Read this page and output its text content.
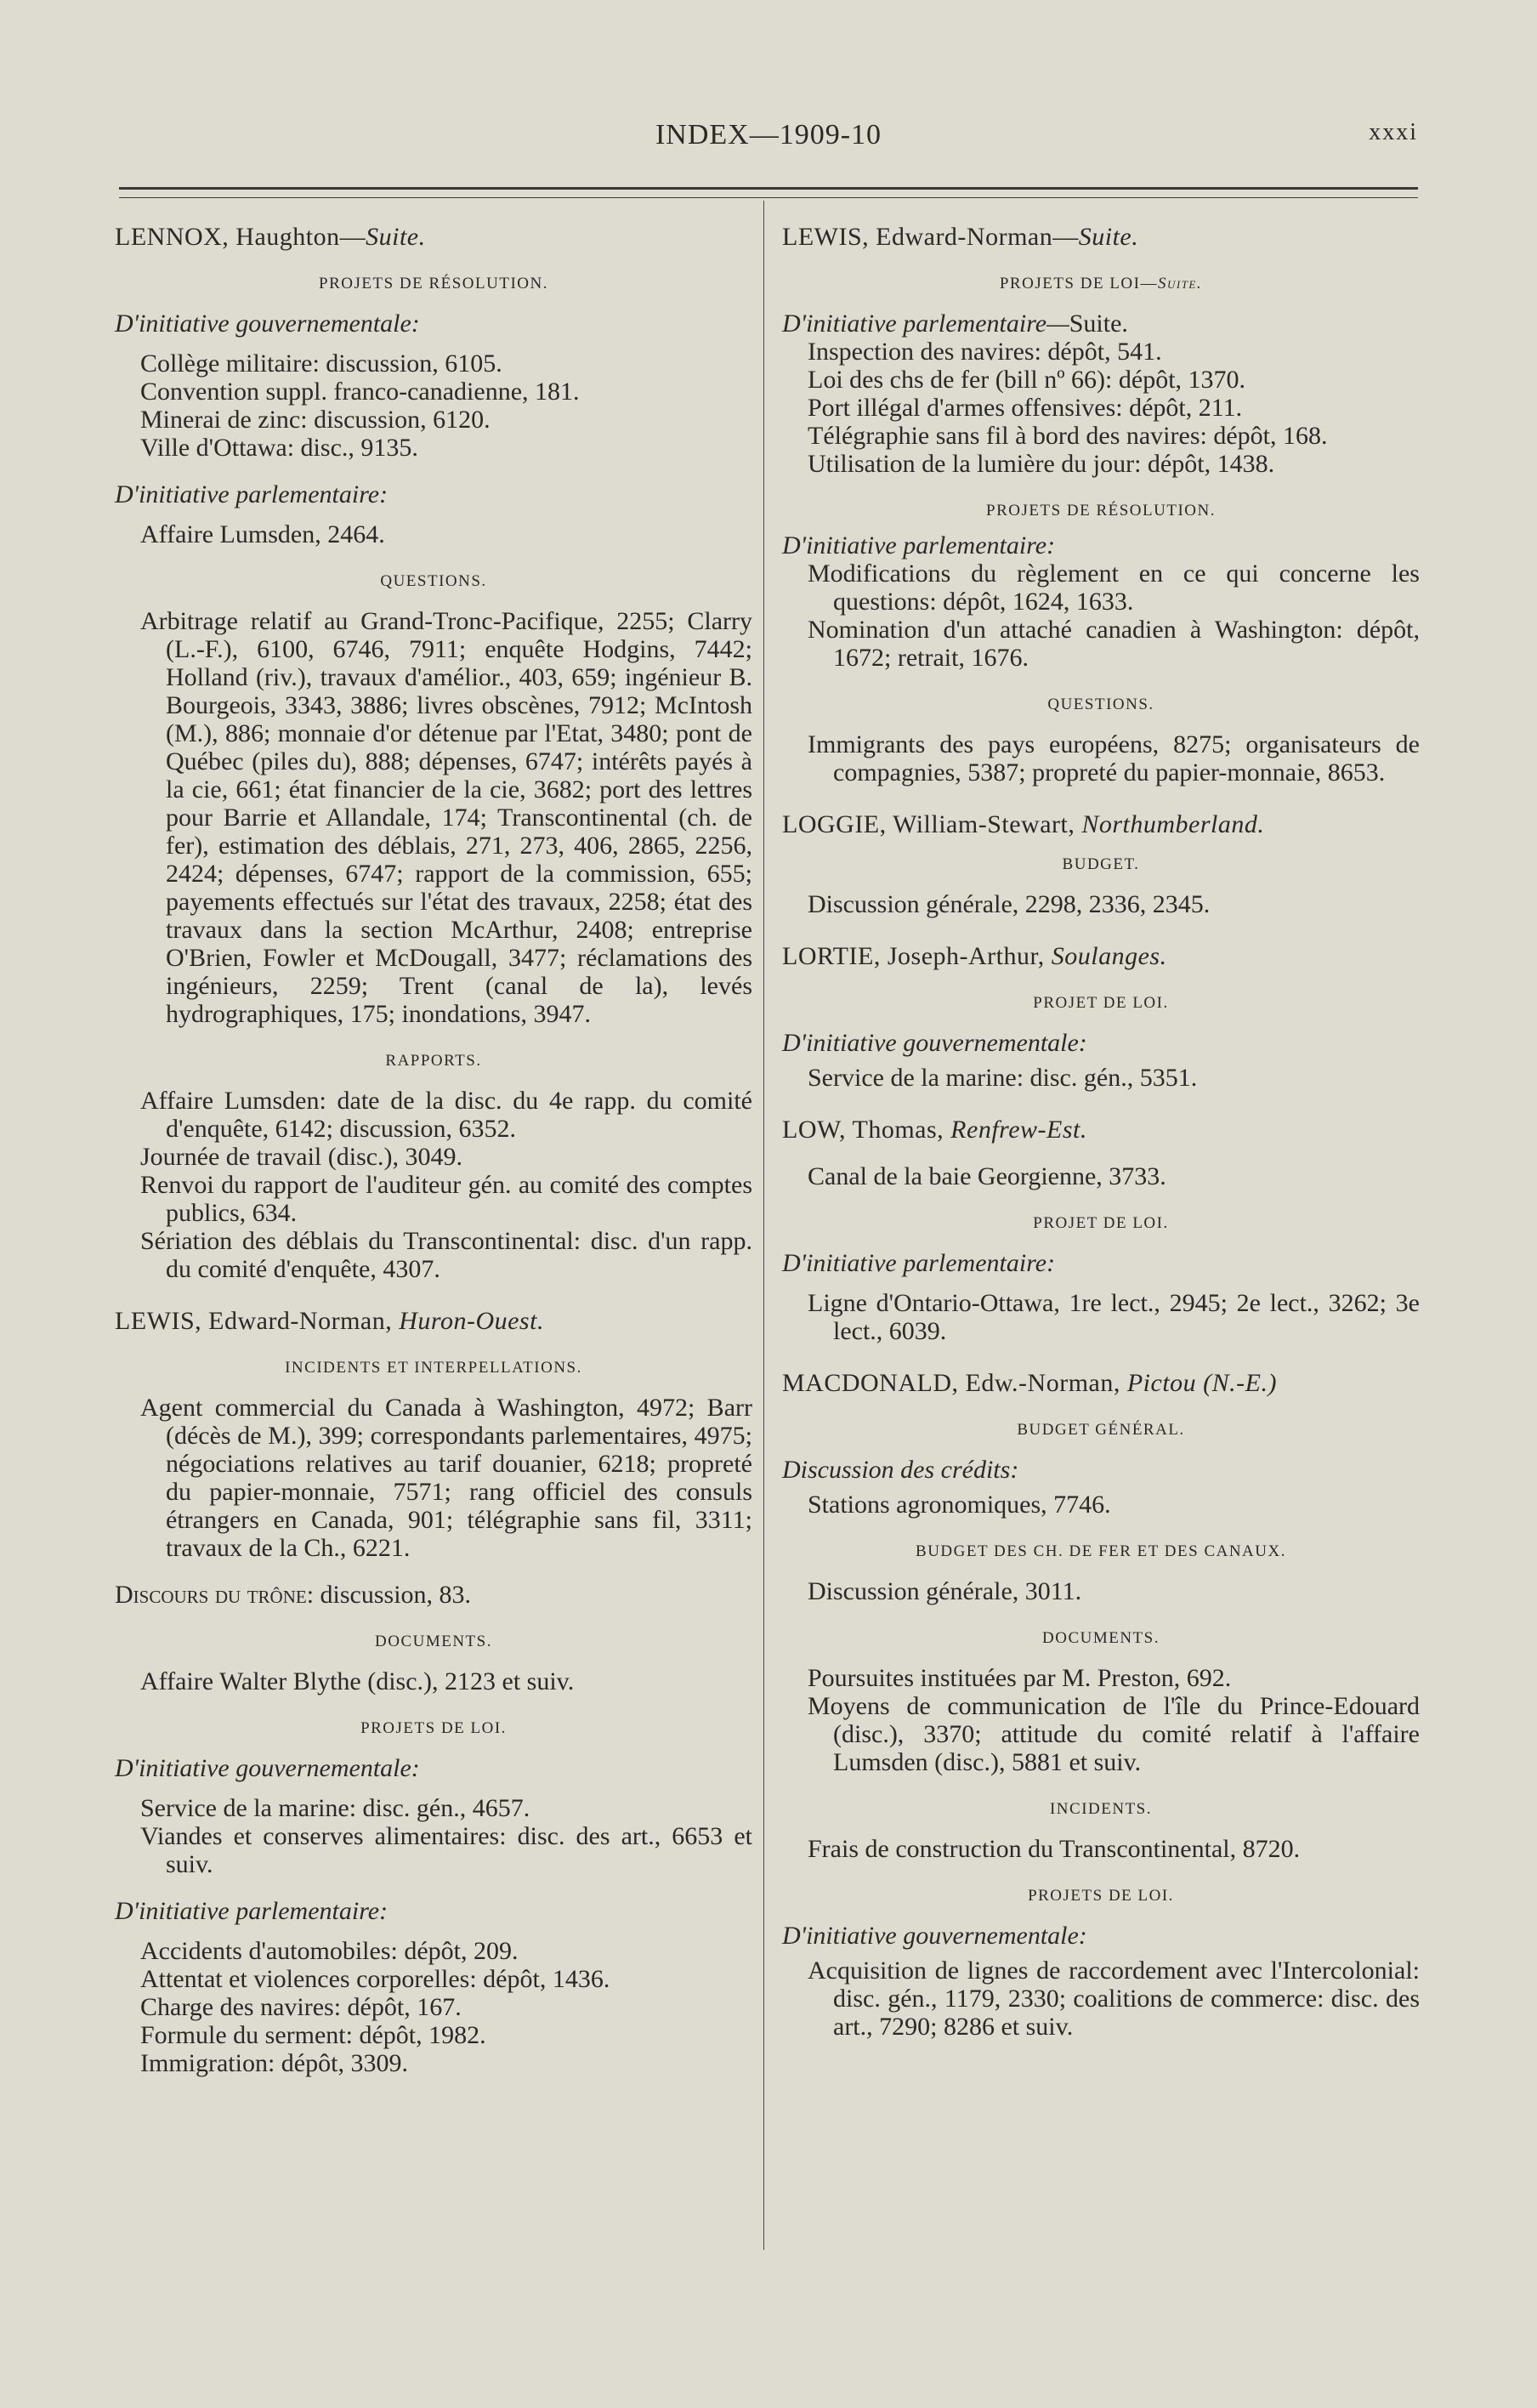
INDEX—1909-10	xxxi

LENNOX, Haughton—Suite.

PROJETS DE RÉSOLUTION.

D'initiative gouvernementale:

Collège militaire: discussion, 6105.

Convention suppl. franco-canadienne, 181.

Minerai de zinc: discussion, 6120.

Ville d'Ottawa: disc., 9135.

D'initiative parlementaire:

Affaire Lumsden, 2464.

QUESTIONS.

Arbitrage relatif au Grand-Tronc-Pacifique, 2255; Clarry (L.-F.), 6100, 6746, 7911; enquête Hodgins, 7442; Holland (riv.), travaux d'amélior., 403, 659; ingénieur B. Bourgeois, 3343, 3886; livres obscènes, 7912; McIntosh (M.), 886; monnaie d'or détenue par l'Etat, 3480; pont de Québec (piles du), 888; dépenses, 6747; intérêts payés à la cie, 661; état financier de la cie, 3682; port des lettres pour Barrie et Allandale, 174; Transcontinental (ch. de fer), estimation des déblais, 271, 273, 406, 2865, 2256, 2424; dépenses, 6747; rapport de la commission, 655; payements effectués sur l'état des travaux, 2258; état des travaux dans la section McArthur, 2408; entreprise O'Brien, Fowler et McDougall, 3477; réclamations des ingénieurs, 2259; Trent (canal de la), levés hydrographiques, 175; inondations, 3947.

RAPPORTS.

Affaire Lumsden: date de la disc. du 4e rapp. du comité d'enquête, 6142; discussion, 6352.

Journée de travail (disc.), 3049.

Renvoi du rapport de l'auditeur gén. au comité des comptes publics, 634.

Sériation des déblais du Transcontinental: disc. d'un rapp. du comité d'enquête, 4307.

LEWIS, Edward-Norman, Huron-Ouest.

INCIDENTS ET INTERPELLATIONS.

Agent commercial du Canada à Washington, 4972; Barr (décès de M.), 399; correspondants parlementaires, 4975; négociations relatives au tarif douanier, 6218; propreté du papier-monnaie, 7571; rang officiel des consuls étrangers en Canada, 901; télégraphie sans fil, 3311; travaux de la Ch., 6221.

Discours du trône: discussion, 83.

DOCUMENTS.

Affaire Walter Blythe (disc.), 2123 et suiv.

PROJETS DE LOI.

D'initiative gouvernementale:

Service de la marine: disc. gén., 4657.

Viandes et conserves alimentaires: disc. des art., 6653 et suiv.

D'initiative parlementaire:

Accidents d'automobiles: dépôt, 209.

Attentat et violences corporelles: dépôt, 1436.

Charge des navires: dépôt, 167.

Formule du serment: dépôt, 1982.

Immigration: dépôt, 3309.

LEWIS, Edward-Norman—Suite.

PROJETS DE LOI—Suite.

D'initiative parlementaire—Suite.

Inspection des navires: dépôt, 541.

Loi des chs de fer (bill nº 66): dépôt, 1370.

Port illégal d'armes offensives: dépôt, 211.

Télégraphie sans fil à bord des navires: dépôt, 168.

Utilisation de la lumière du jour: dépôt, 1438.

PROJETS DE RÉSOLUTION.

D'initiative parlementaire:

Modifications du règlement en ce qui concerne les questions: dépôt, 1624, 1633.

Nomination d'un attaché canadien à Washington: dépôt, 1672; retrait, 1676.

QUESTIONS.

Immigrants des pays européens, 8275; organisateurs de compagnies, 5387; propreté du papier-monnaie, 8653.

LOGGIE, William-Stewart, Northumberland.

BUDGET.

Discussion générale, 2298, 2336, 2345.

LORTIE, Joseph-Arthur, Soulanges.

PROJET DE LOI.

D'initiative gouvernementale:

Service de la marine: disc. gén., 5351.

LOW, Thomas, Renfrew-Est.

Canal de la baie Georgienne, 3733.

PROJET DE LOI.

D'initiative parlementaire:

Ligne d'Ontario-Ottawa, 1re lect., 2945; 2e lect., 3262; 3e lect., 6039.

MACDONALD, Edw.-Norman, Pictou (N.-E.)

BUDGET GÉNÉRAL.

Discussion des crédits:

Stations agronomiques, 7746.

BUDGET DES CH. DE FER ET DES CANAUX.

Discussion générale, 3011.

DOCUMENTS.

Poursuites instituées par M. Preston, 692.

Moyens de communication de l'île du Prince-Edouard (disc.), 3370; attitude du comité relatif à l'affaire Lumsden (disc.), 5881 et suiv.

INCIDENTS.

Frais de construction du Transcontinental, 8720.

PROJETS DE LOI.

D'initiative gouvernementale:

Acquisition de lignes de raccordement avec l'Intercolonial: disc. gén., 1179, 2330; coalitions de commerce: disc. des art., 7290; 8286 et suiv.
